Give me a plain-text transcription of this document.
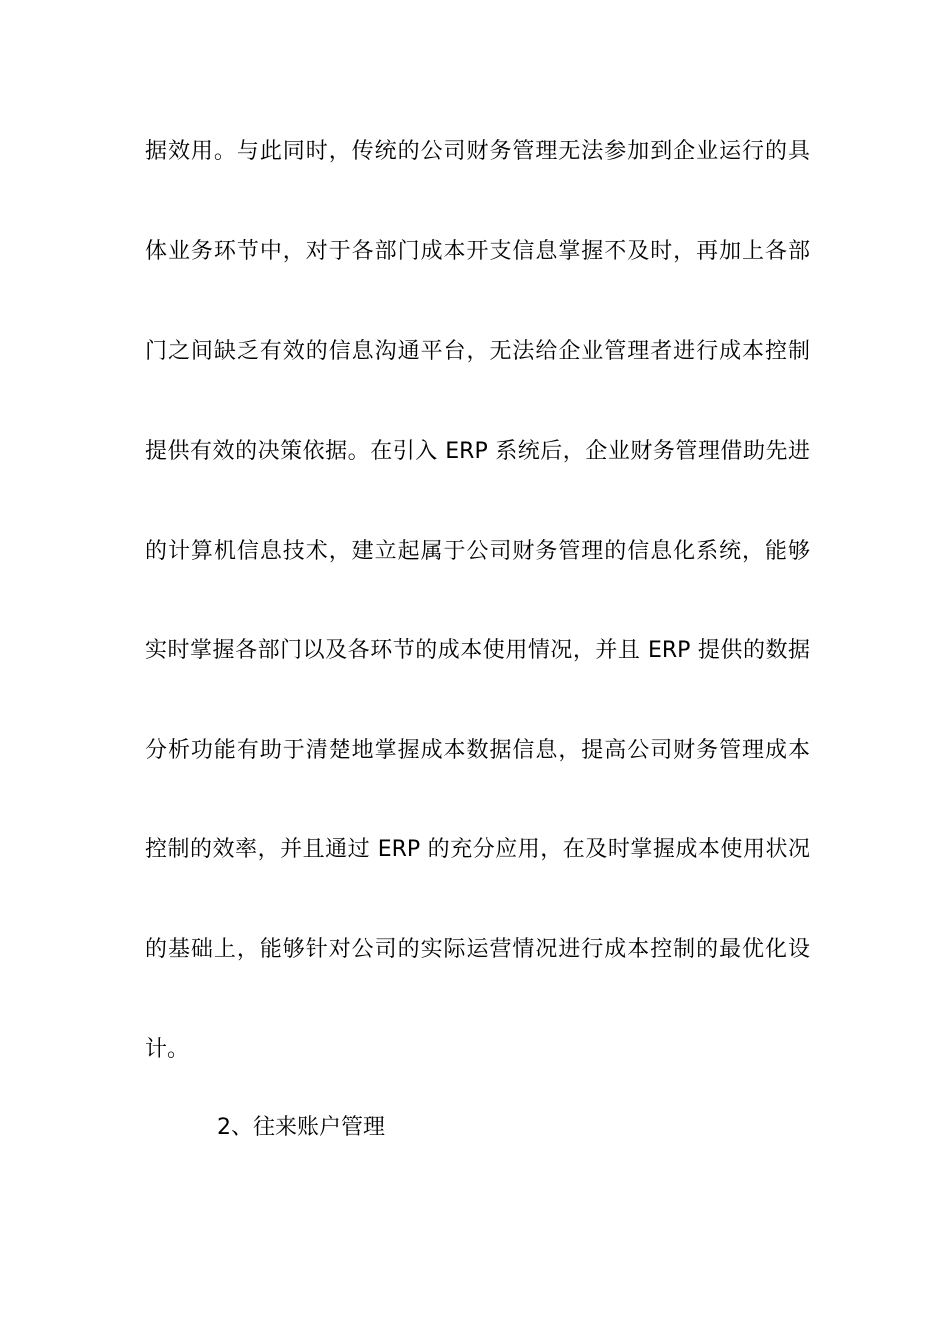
据效用。与此同时，传统的公司财务管理无法参加到企业运行的具
体业务环节中，对于各部门成本开支信息掌握不及时，再加上各部
门之间缺乏有效的信息沟通平台，无法给企业管理者进行成本控制
提供有效的决策依据。在引入 ERP 系统后，企业财务管理借助先进
的计算机信息技术，建立起属于公司财务管理的信息化系统，能够
实时掌握各部门以及各环节的成本使用情况，并且 ERP 提供的数据
分析功能有助于清楚地掌握成本数据信息，提高公司财务管理成本
控制的效率，并且通过 ERP 的充分应用，在及时掌握成本使用状况
的基础上，能够针对公司的实际运营情况进行成本控制的最优化设
计。
2、往来账户管理
